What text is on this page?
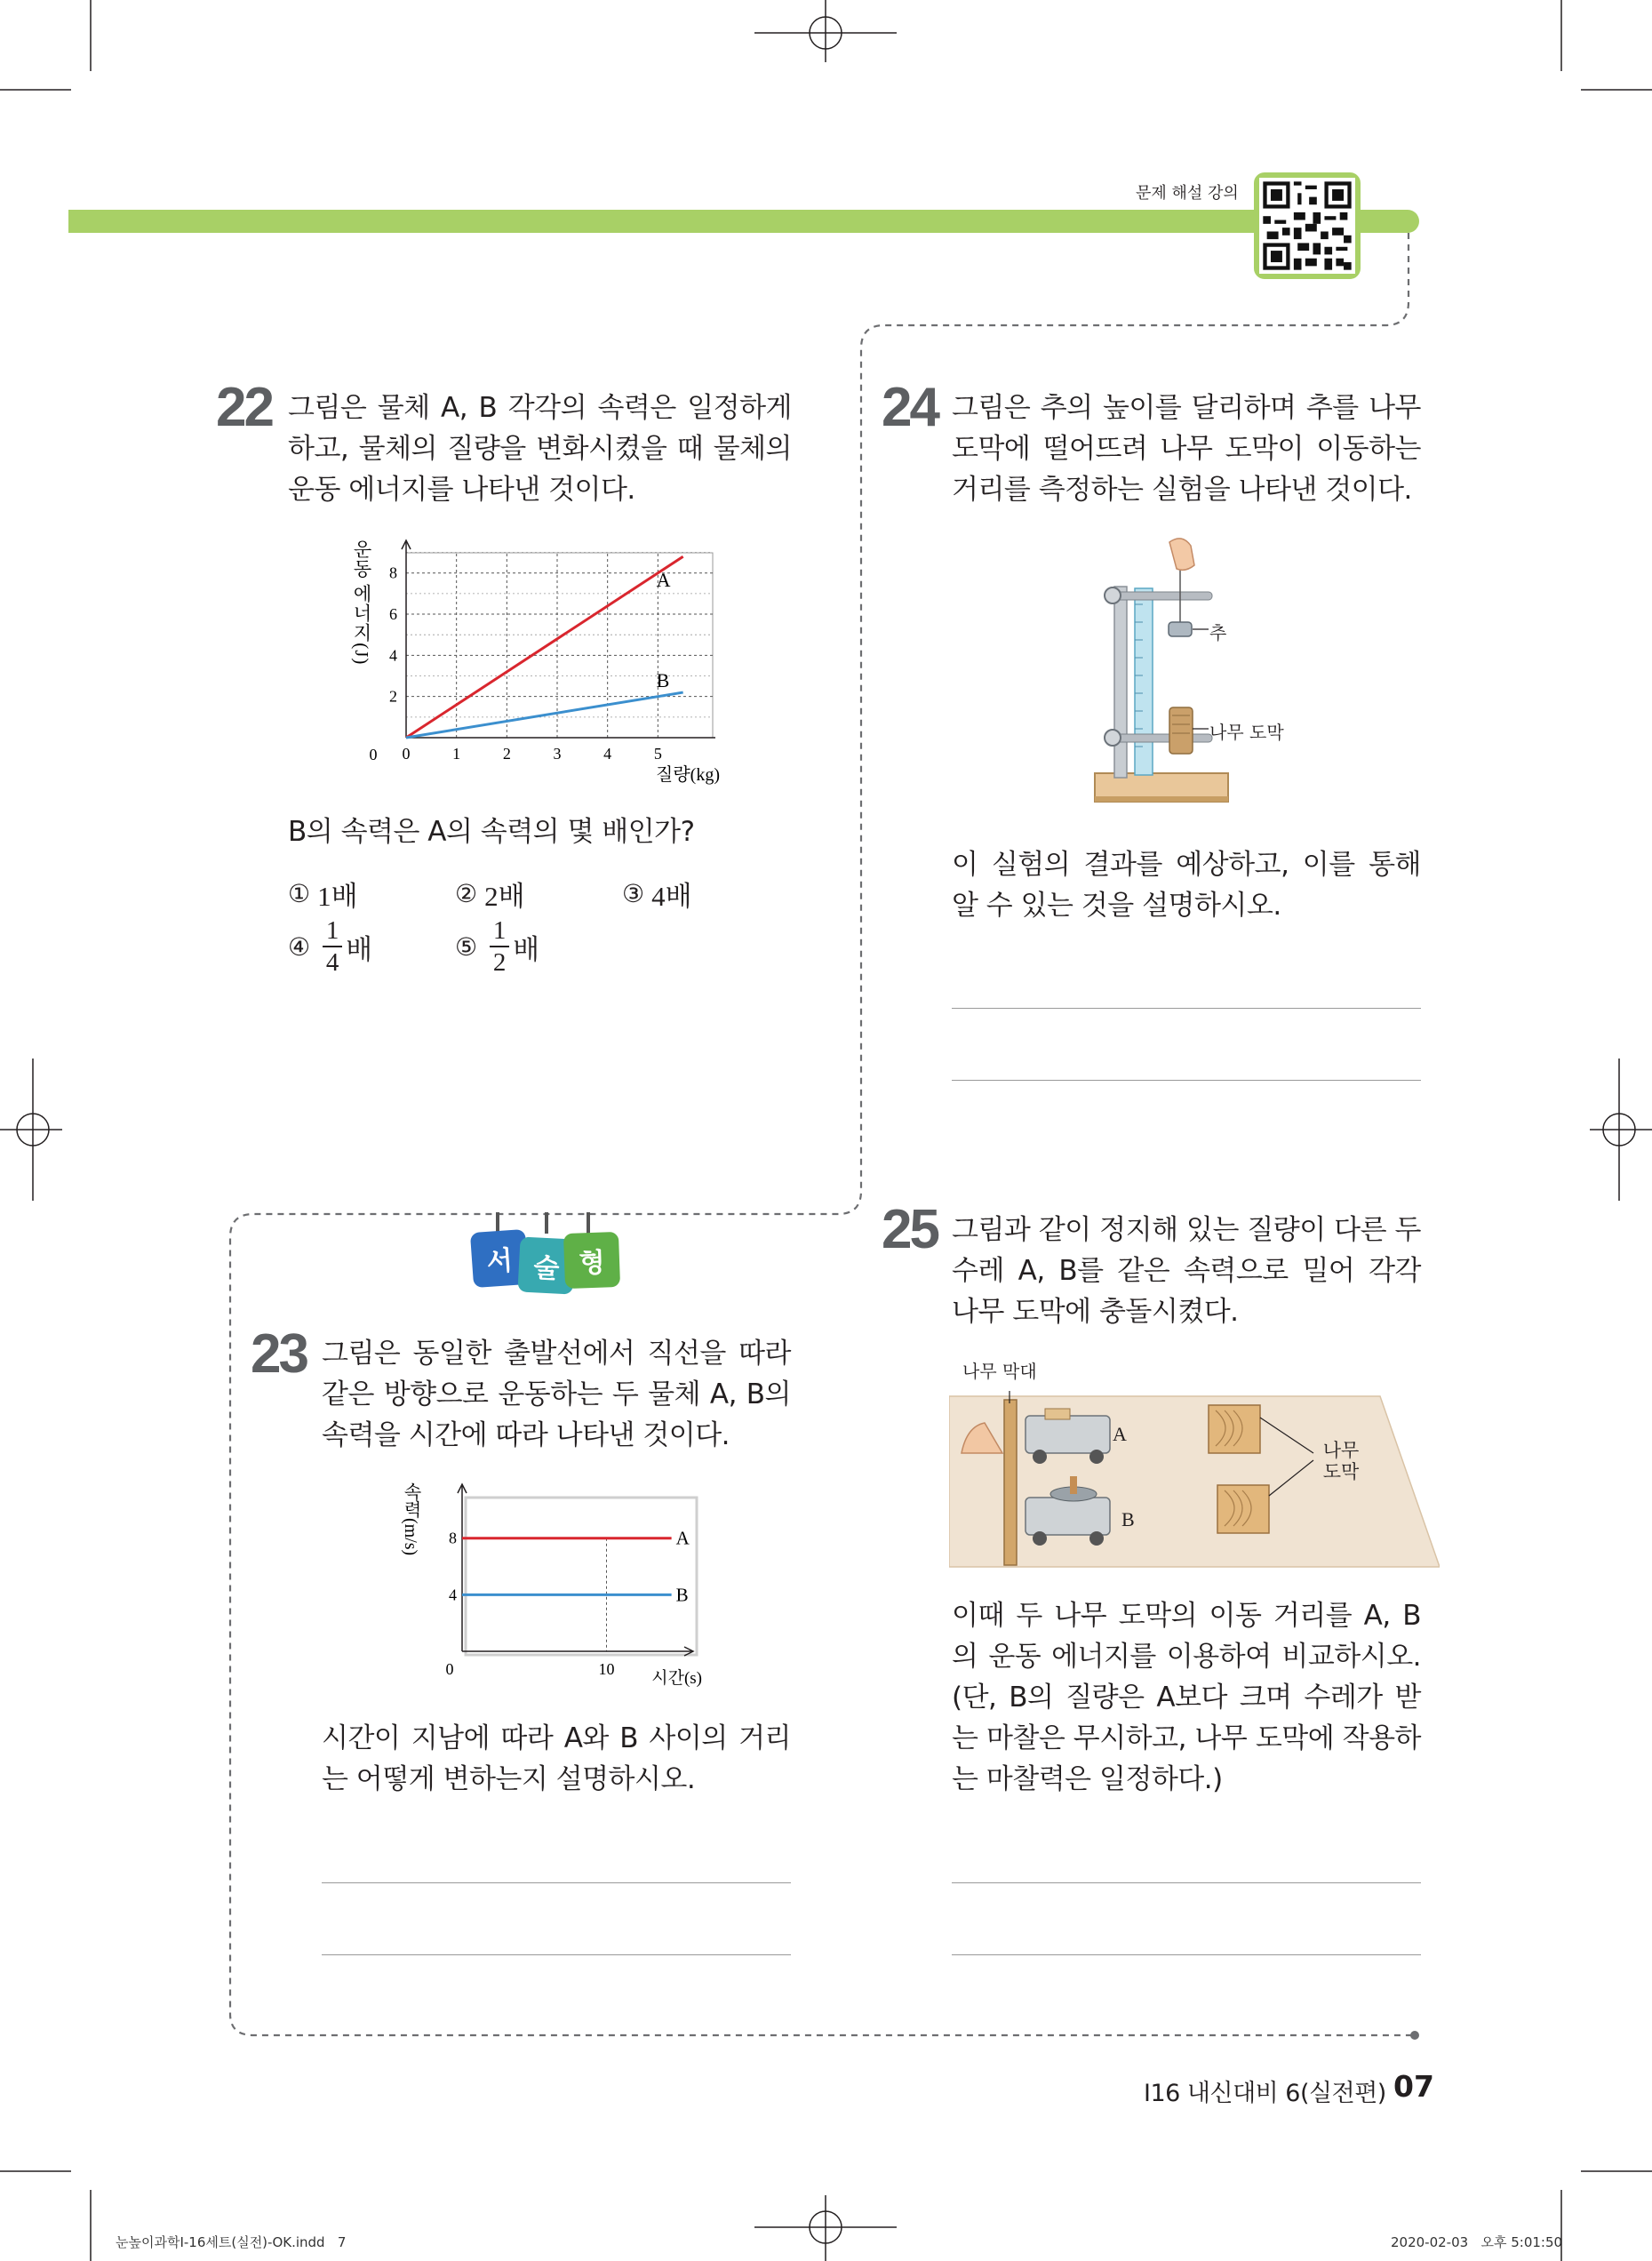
문제 해설 강의
22 그림은 물체 A, B 각각의 속력은 일정하게 하고, 물체의 질량을 변화시켰을 때 물체의 운동 에너지를 나타낸 것이다.
0	1	2	3	4	5
2
4
6
8	A
B
0
질량(kg)
운동 에너지(J)
B의 속력은 A의 속력의 몇 배인가?
① 1배	② 2배	③ 4배
④ $\frac{1}{4}$ 배	⑤ $\frac{1}{2}$ 배
서 술 형
23 그림은 동일한 출발선에서 직선을 따라 같은 방향으로 운동하는 두 물체 A, B의 속력을 시간에 따라 나타낸 것이다.
4
8
0	10
A
B
시간(s)
속력(m/s)
시간이 지남에 따라 A와 B 사이의 거리는 어떻게 변하는지 설명하시오.
24 그림은 추의 높이를 달리하며 추를 나무 도막에 떨어뜨려 나무 도막이 이동하는 거리를 측정하는 실험을 나타낸 것이다.
추
나무 도막
이 실험의 결과를 예상하고, 이를 통해 알 수 있는 것을 설명하시오.
25 그림과 같이 정지해 있는 질량이 다른 두 수레 A, B를 같은 속력으로 밀어 각각 나무 도막에 충돌시켰다.
나무 막대
A
B
나무 도막
이때 두 나무 도막의 이동 거리를 A, B의 운동 에너지를 이용하여 비교하시오. (단, B의 질량은 A보다 크며 수레가 받는 마찰은 무시하고, 나무 도막에 작용하는 마찰력은 일정하다.)
I16 내신대비 6(실전편) 07
눈높이과학Ⅰ-16세트(실전)-OK.indd   7	2020-02-03   오후 5:01:50
